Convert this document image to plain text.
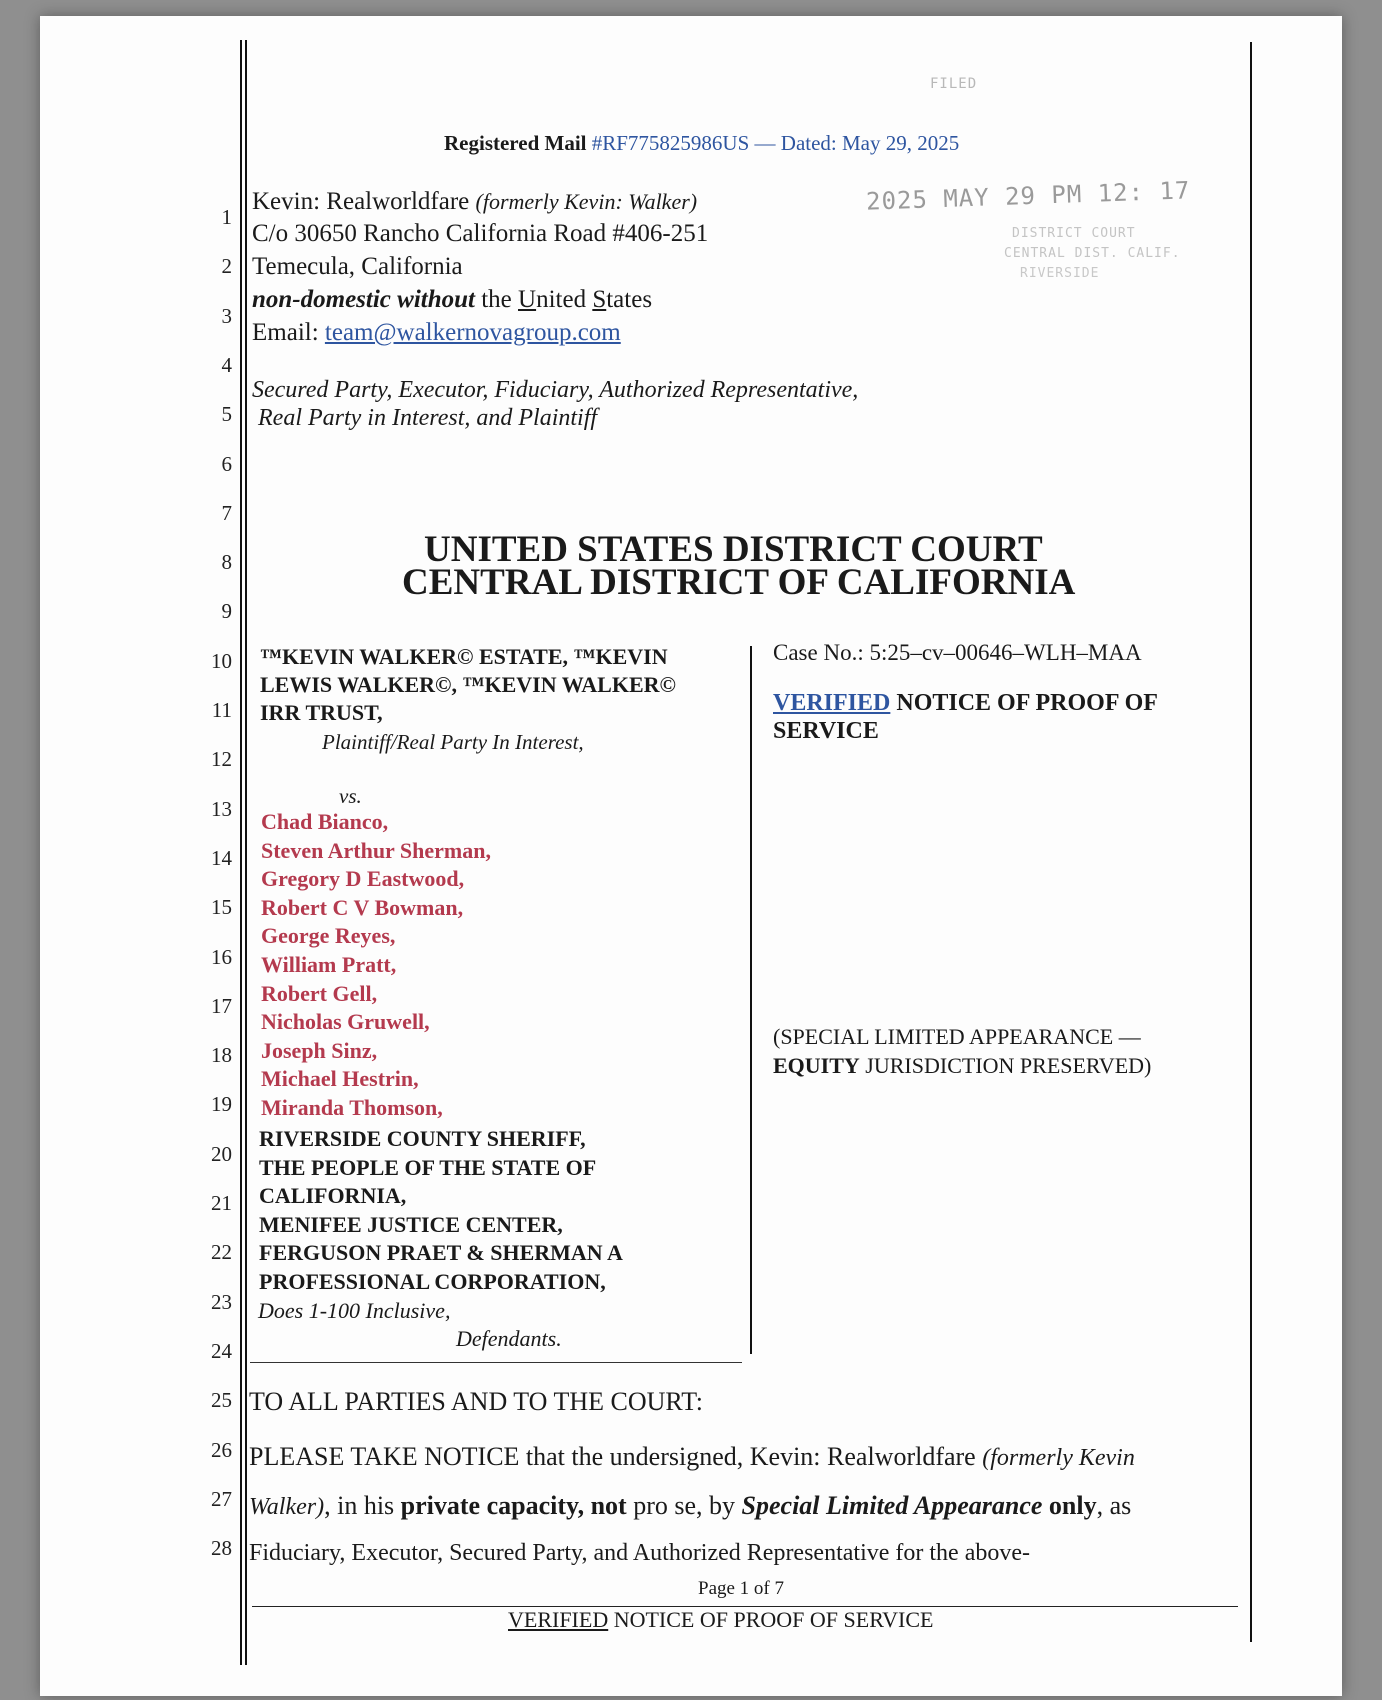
1
2
3
4
5
6
7
8
9
10
11
12
13
14
15
16
17
18
19
20
21
22
23
24
25
26
27
28
Registered Mail #RF775825986US — Dated: May 29, 2025
FILED
2025 MAY 29 PM 12: 17
DISTRICT COURT
CENTRAL DIST. CALIF.
RIVERSIDE
Kevin: Realworldfare (formerly Kevin: Walker)
C/o 30650 Rancho California Road #406-251
Temecula, California
non-domestic without the United States
Email: team@walkernovagroup.com
Secured Party, Executor, Fiduciary, Authorized Representative,
Real Party in Interest, and Plaintiff
UNITED STATES DISTRICT COURT
CENTRAL DISTRICT OF CALIFORNIA
™KEVIN WALKER© ESTATE, ™KEVIN
LEWIS WALKER©, ™KEVIN WALKER©
IRR TRUST,
Plaintiff/Real Party In Interest,
vs.
Chad Bianco,
Steven Arthur Sherman,
Gregory D Eastwood,
Robert C V Bowman,
George Reyes,
William Pratt,
Robert Gell,
Nicholas Gruwell,
Joseph Sinz,
Michael Hestrin,
Miranda Thomson,
RIVERSIDE COUNTY SHERIFF,
THE PEOPLE OF THE STATE OF
CALIFORNIA,
MENIFEE JUSTICE CENTER,
FERGUSON PRAET & SHERMAN A
PROFESSIONAL CORPORATION,
Does 1-100 Inclusive,
Defendants.
Case No.: 5:25–cv–00646–WLH–MAA
VERIFIED NOTICE OF PROOF OF
SERVICE
(SPECIAL LIMITED APPEARANCE —
EQUITY JURISDICTION PRESERVED)
TO ALL PARTIES AND TO THE COURT:
PLEASE TAKE NOTICE that the undersigned, Kevin: Realworldfare (formerly Kevin
Walker), in his private capacity, not pro se, by Special Limited Appearance only, as
Fiduciary, Executor, Secured Party, and Authorized Representative for the above-
Page 1 of 7
VERIFIED NOTICE OF PROOF OF SERVICE
